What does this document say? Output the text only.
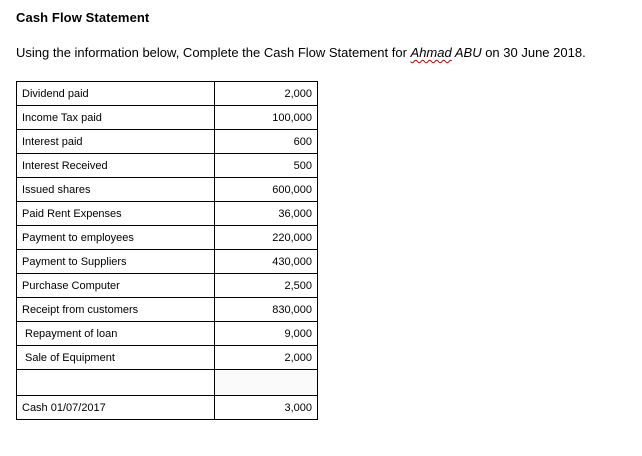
Cash Flow Statement
Using the information below, Complete the Cash Flow Statement for Ahmad ABU on 30 June 2018.
Dividend paid	2,000
Income Tax paid	100,000
Interest paid	600
Interest Received	500
Issued shares	600,000
Paid Rent Expenses	36,000
Payment to employees	220,000
Payment to Suppliers	430,000
Purchase Computer	2,500
Receipt from customers	830,000
Repayment of loan	9,000
Sale of Equipment	2,000

Cash 01/07/2017	3,000
